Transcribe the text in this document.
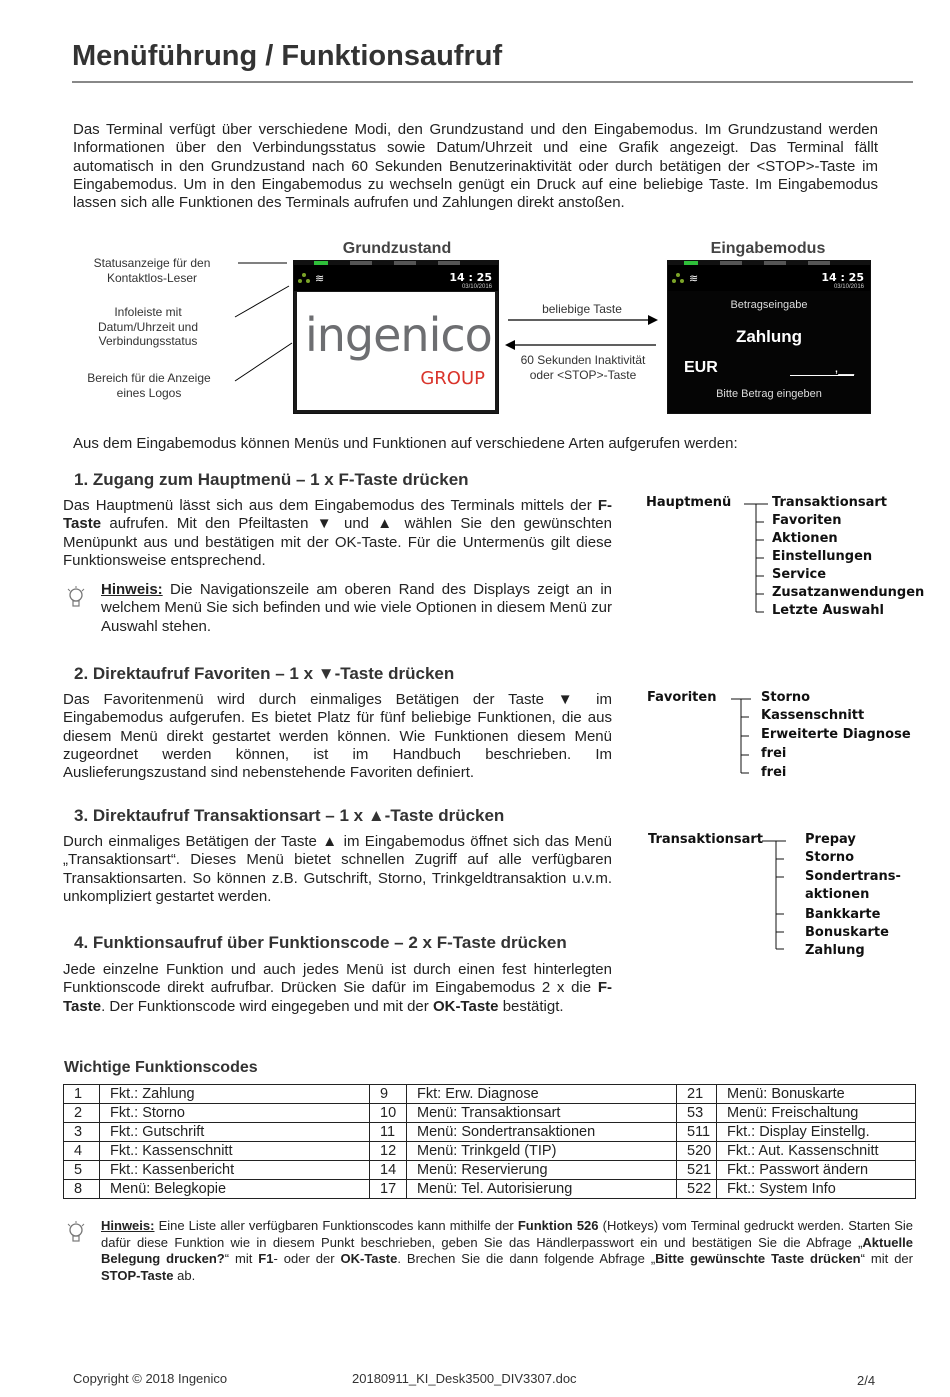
Menüführung / Funktionsaufruf
Das Terminal verfügt über verschiedene Modi, den Grundzustand und den Eingabemodus. Im Grundzustand werden Informationen über den Verbindungsstatus sowie Datum/Uhrzeit und eine Grafik angezeigt. Das Terminal fällt automatisch in den Grundzustand nach 60 Sekunden Benutzerinaktivität oder durch betätigen der <STOP>-Taste im Eingabemodus. Um in den Eingabemodus zu wechseln genügt ein Druck auf eine beliebige Taste. Im Eingabemodus lassen sich alle Funktionen des Terminals aufrufen und Zahlungen direkt anstoßen.
Statusanzeige für den Kontaktlos-Leser
Infoleiste mit Datum/Uhrzeit und Verbindungsstatus
Bereich für die Anzeige eines Logos
Grundzustand	Eingabemodus
beliebige Taste
60 Sekunden Inaktivität oder <STOP>-Taste
≋	14 : 25
03/10/2016
ingenico
GROUP
≋	14 : 25
03/10/2016
Betragseingabe
Zahlung
EUR	,__
Bitte Betrag eingeben
Aus dem Eingabemodus können Menüs und Funktionen auf verschiedene Arten aufgerufen werden:
1. Zugang zum Hauptmenü – 1 x F-Taste drücken
Das Hauptmenü lässt sich aus dem Eingabemodus des Terminals mittels der F-Taste aufrufen. Mit den Pfeiltasten ▼ und ▲ wählen Sie den gewünschten Menüpunkt aus und bestätigen mit der OK-Taste. Für die Untermenüs gilt diese Funktionsweise entsprechend.
Hinweis: Die Navigationszeile am oberen Rand des Displays zeigt an in welchem Menü Sie sich befinden und wie viele Optionen in diesem Menü zur Auswahl stehen.
Hauptmenü	Transaktionsart
Favoriten
Aktionen
Einstellungen
Service
Zusatzanwendungen
Letzte Auswahl
2. Direktaufruf Favoriten – 1 x ▼-Taste drücken
Das Favoritenmenü wird durch einmaliges Betätigen der Taste ▼ im Eingabemodus aufgerufen. Es bietet Platz für fünf beliebige Funktionen, die aus diesem Menü direkt gestartet werden können. Wie Funktionen diesem Menü zugeordnet werden können, ist im Handbuch beschrieben. Im Auslieferungszustand sind nebenstehende Favoriten definiert.
Favoriten	Storno
Kassenschnitt
Erweiterte Diagnose
frei
frei
3. Direktaufruf Transaktionsart – 1 x ▲-Taste drücken
Durch einmaliges Betätigen der Taste ▲ im Eingabemodus öffnet sich das Menü „Transaktionsart“. Dieses Menü bietet schnellen Zugriff auf alle verfügbaren Transaktionsarten. So können z.B. Gutschrift, Storno, Trinkgeldtransaktion u.v.m. unkompliziert gestartet werden.
Transaktionsart	Prepay
Storno
Sondertrans-
aktionen
Bankkarte
Bonuskarte
Zahlung
4. Funktionsaufruf über Funktionscode – 2 x F-Taste drücken
Jede einzelne Funktion und auch jedes Menü ist durch einen fest hinterlegten Funktionscode direkt aufrufbar. Drücken Sie dafür im Eingabemodus 2 x die F-Taste. Der Funktionscode wird eingegeben und mit der OK-Taste bestätigt.
Wichtige Funktionscodes
1	Fkt.: Zahlung	9	Fkt: Erw. Diagnose	21	Menü: Bonuskarte
2	Fkt.: Storno	10	Menü: Transaktionsart	53	Menü: Freischaltung
3	Fkt.: Gutschrift	11	Menü: Sondertransaktionen	511	Fkt.: Display Einstellg.
4	Fkt.: Kassenschnitt	12	Menü: Trinkgeld (TIP)	520	Fkt.: Aut. Kassenschnitt
5	Fkt.: Kassenbericht	14	Menü: Reservierung	521	Fkt.: Passwort ändern
8	Menü: Belegkopie	17	Menü: Tel. Autorisierung	522	Fkt.: System Info
Hinweis: Eine Liste aller verfügbaren Funktionscodes kann mithilfe der Funktion 526 (Hotkeys) vom Terminal gedruckt werden. Starten Sie dafür diese Funktion wie in diesem Punkt beschrieben, geben Sie das Händlerpasswort ein und bestätigen Sie die Abfrage „Aktuelle Belegung drucken?“ mit F1- oder der OK-Taste. Brechen Sie die dann folgende Abfrage „Bitte gewünschte Taste drücken“ mit der STOP-Taste ab.
Copyright © 2018 Ingenico	20180911_KI_Desk3500_DIV3307.doc	2/4
